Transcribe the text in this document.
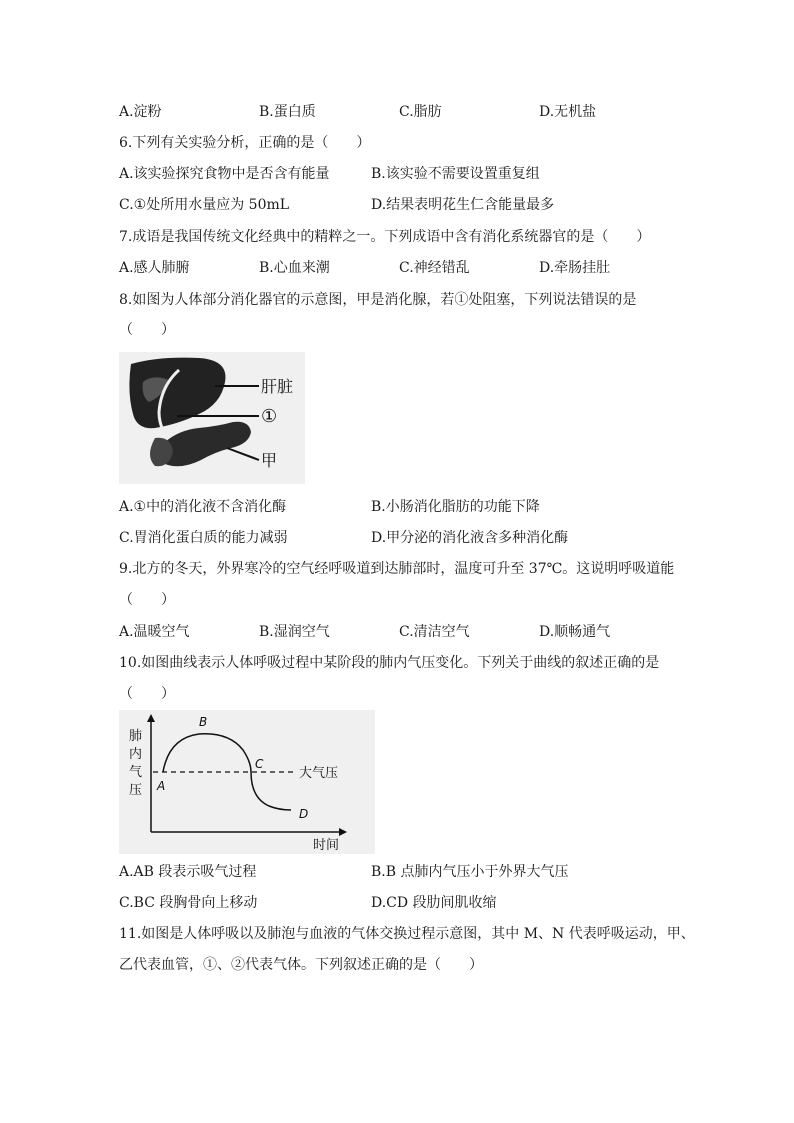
A.淀粉	B.蛋白质	C.脂肪	D.无机盐
6.下列有关实验分析，正确的是（　　）
A.该实验探究食物中是否含有能量	B.该实验不需要设置重复组
C.①处所用水量应为 50mL	D.结果表明花生仁含能量最多
7.成语是我国传统文化经典中的精粹之一。下列成语中含有消化系统器官的是（　　）
A.感人肺腑	B.心血来潮	C.神经错乱	D.牵肠挂肚
8.如图为人体部分消化器官的示意图，甲是消化腺，若①处阻塞，下列说法错误的是
（　　）
肝脏
①
甲
A.①中的消化液不含消化酶	B.小肠消化脂肪的功能下降
C.胃消化蛋白质的能力减弱	D.甲分泌的消化液含多种消化酶
9.北方的冬天，外界寒冷的空气经呼吸道到达肺部时，温度可升至 37℃。这说明呼吸道能
（　　）
A.温暖空气	B.湿润空气	C.清洁空气	D.顺畅通气
10.如图曲线表示人体呼吸过程中某阶段的肺内气压变化。下列关于曲线的叙述正确的是
（　　）
肺
内
气
压
大气压
A
B
C
D
时间
A.AB 段表示吸气过程	B.B 点肺内气压小于外界大气压
C.BC 段胸骨向上移动	D.CD 段肋间肌收缩
11.如图是人体呼吸以及肺泡与血液的气体交换过程示意图，其中 M、N 代表呼吸运动，甲、
乙代表血管，①、②代表气体。下列叙述正确的是（　　）
